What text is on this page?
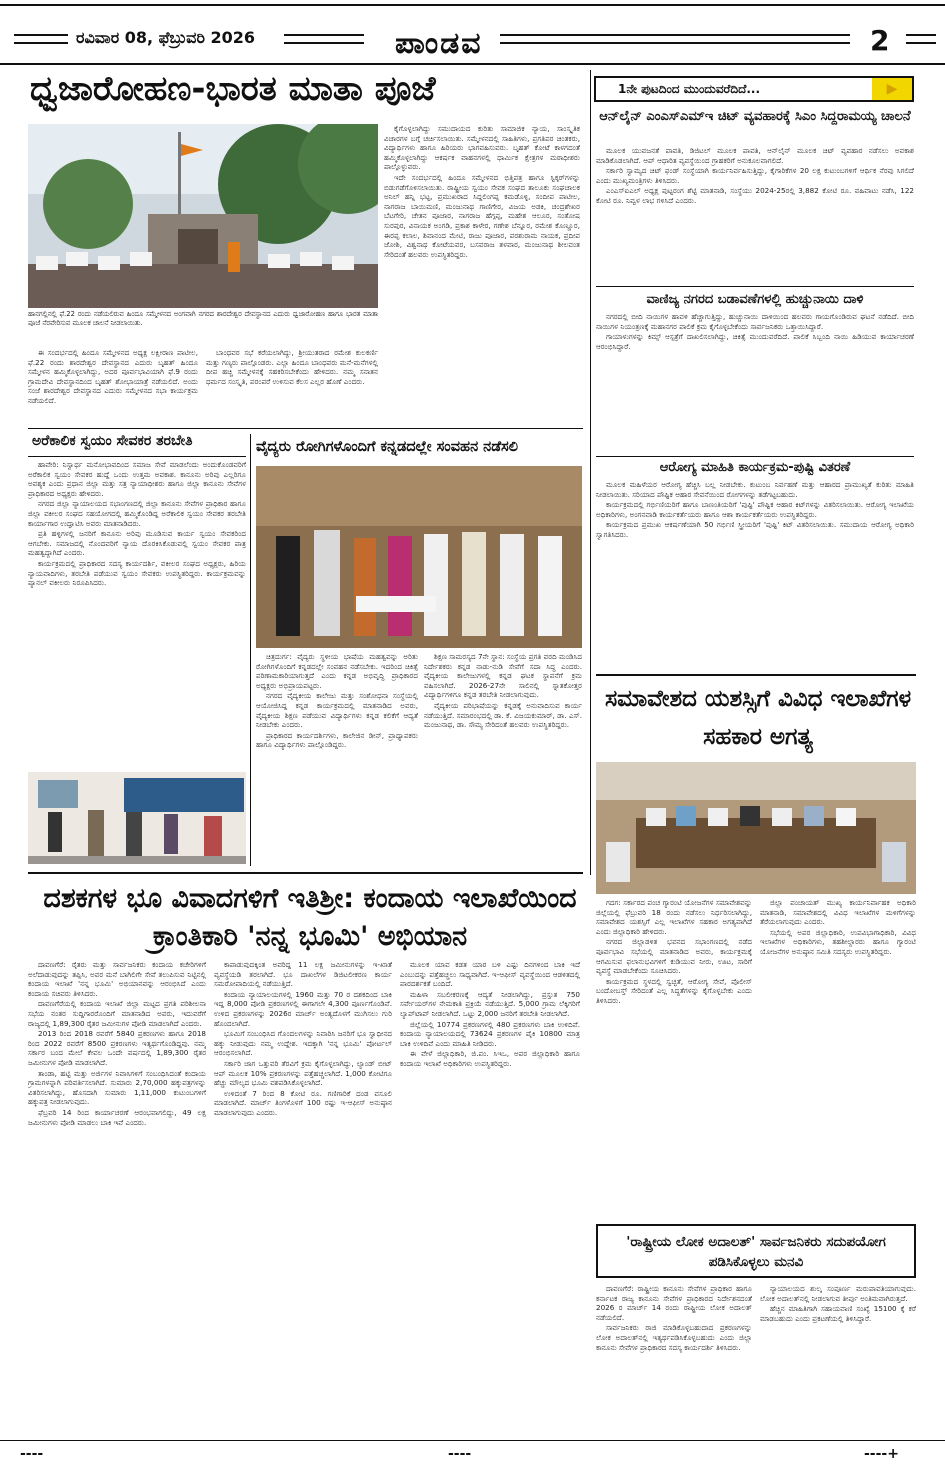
ರವಿವಾರ 08, ಫೆಬ್ರುವರಿ 2026	ಪಾಂಡವ	2
ಧ್ವಜಾರೋಹಣ-ಭಾರತ ಮಾತಾ ಪೂಜೆ
ಹಾನಗಲ್ಲಿನಲ್ಲಿ ಫೆ.22 ರಂದು ನಡೆಯಲಿರುವ ಹಿಂದೂ ಸಮ್ಮೇಳನದ ಅಂಗವಾಗಿ ನಗರದ ಶಾರದೇಶ್ವರ ದೇವಸ್ಥಾನದ ಎದುರು ಧ್ವಜಾರೋಹಣ ಹಾಗೂ ಭಾರತ ಮಾತಾ ಪೂಜೆ ನೆರವೇರಿಸುವ ಮೂಲಕ ಚಾಲನೆ ನೀಡಲಾಯಿತು.

ಈ ಸಂದರ್ಭದಲ್ಲಿ ಹಿಂದೂ ಸಮ್ಮೇಳನದ ಅಧ್ಯಕ್ಷ ಲಕ್ಷೀರಾಣ ಪಾಟೀಲ, ಫೆ.22 ರಂದು ಶಾರದೇಶ್ವರ ದೇವಸ್ಥಾನದ ಎದುರು ಬೃಹತ್ ಹಿಂದೂ ಸಮ್ಮೇಳನ ಹಮ್ಮಿಕೊಳ್ಳಲಾಗಿದ್ದು, ಅದರ ಪೂರ್ವಭಾವಿಯಾಗಿ ಫೆ.9 ರಂದು ಗ್ರಾಮದೇವಿ ದೇವಸ್ಥಾನದಿಂದ ಬೃಹತ್ ಶೋಭಾಯಾತ್ರೆ ನಡೆಯಲಿದೆ. ಅಂದು ಸಂಜೆ ಶಾರದೇಶ್ವರ ದೇವಸ್ಥಾನದ ಎದುರು ಸಮ್ಮೇಳನದ ಸಭಾ ಕಾರ್ಯಕ್ರಮ ನಡೆಯಲಿದೆ.

ಬಾಂಧವರ ಸಭೆ ಕರೆಯಲಾಗಿದ್ದು, ಶ್ರೀಯುತರಾದ ರಮೇಶ ಕುಲಕರ್ಣಿ ಮತ್ತು ಗಣ್ಯರು ಪಾಲ್ಗೊಂಡರು. ಎಲ್ಲಾ ಹಿಂದೂ ಬಾಂಧವರು ಮನೆ-ಮನೆಗಳಲ್ಲಿ ದೀಪ ಹಚ್ಚಿ ಸಮ್ಮೇಳನಕ್ಕೆ ಸಹಕರಿಸಬೇಕೆಂದು ಹೇಳಿದರು. ನಮ್ಮ ಸನಾತನ ಧರ್ಮದ ಸಂಸ್ಕೃತಿ, ಪರಂಪರೆ ಉಳಿಸುವ ಕೆಲಸ ಎಲ್ಲರ ಹೊಣೆ ಎಂದರು.

ಕೈಗೊಳ್ಳಲಾಗಿದ್ದು ಸಮುದಾಯದ ಕುರಿತು ಸಾಮಾಜಿಕ ನ್ಯಾಯ, ಸಾಂಸ್ಕೃತಿಕ ವಿಚಾರಗಳ ಬಗ್ಗೆ ಚರ್ಚಿಸಲಾಯಿತು. ಸಮ್ಮೇಳನದಲ್ಲಿ ಸಾಹಿತಿಗಳು, ಪ್ರಗತಿಪರ ಚಿಂತಕರು, ವಿದ್ಯಾರ್ಥಿಗಳು ಹಾಗೂ ಹಿರಿಯರು ಭಾಗವಹಿಸುವರು. ಬೃಹತ್ ಕೋಟೆ ಕಾಳಗದಂತೆ ಹಮ್ಮಿಕೊಳ್ಳಲಾಗಿದ್ದು ಆಕರ್ಷಕ ವಾಹನಗಳಲ್ಲಿ ಧಾರ್ಮಿಕ ಕ್ಷೇತ್ರಗಳ ಮಠಾಧೀಶರು ಪಾಲ್ಗೊಳ್ಳುವರು.

ಇದೇ ಸಂದರ್ಭದಲ್ಲಿ ಹಿಂದೂ ಸಮ್ಮೇಳನದ ಭಿತ್ತಿಪತ್ರ ಹಾಗೂ ಸ್ಟಿಕ್ಕರ್‌ಗಳನ್ನು ಬಿಡುಗಡೆಗೊಳಿಸಲಾಯಿತು. ರಾಷ್ಟ್ರೀಯ ಸ್ವಯಂ ಸೇವಕ ಸಂಘದ ತಾಲೂಕು ಸಂಘಚಾಲಕ ಅನಿಲ್ ಹನ್ನಿ ಭಟ್ಟ, ಪ್ರಮುಖರಾದ ಸಿದ್ದಲಿಂಗಪ್ಪ ಕಮಡೊಳ್ಳಿ, ಸಂದೀಪ ಪಾಟೀಲ, ನಾಗರಾಜ ಬಾಯಿಮಣಿ, ಮಂಜುನಾಥ ಗಾಣಿಗೇರ, ವಿಜಯ ಅಡಕಿ, ಚಂದ್ರಶೇಖರ ಬೆಟಗೇರಿ, ಚೇತನ ಪೂಜಾರ, ನಾಗರಾಜ ಹೆಗ್ಗಪ್ಪ, ಮಹೇಶ ಆಲೂರ, ಸಂತೋಷ ಸುರಪುರ, ವಿನಾಯಕ ಅಂಗಡಿ, ಪ್ರಕಾಶ ಕಾಳೇರ, ಗಣೇಶ ಬೆನ್ನೂರ, ರಮೇಶ ಕೊಣ್ಣೂರ, ಈರಪ್ಪ ಕಲಾಲ, ಶಿವಾನಂದ ಮೇಟಿ, ರಾಜು ಪೂಜಾರ, ಪರಶುರಾಮ ನಾಯಕ, ಪ್ರದೀಪ ಜೋಶಿ, ವಿಶ್ವನಾಥ ಕೋಟೆಯವರ, ಬಸವರಾಜ ತಳವಾರ, ಮಂಜುನಾಥ ಶೀಲವಂತ ಸೇರಿದಂತೆ ಹಲವರು ಉಪಸ್ಥಿತರಿದ್ದರು.

ಅರೆಕಾಲಿಕ ಸ್ವಯಂ ಸೇವಕರ ತರಬೇತಿ

ಹಾವೇರಿ: ನಿಸ್ವಾರ್ಥ ಮನೋಭಾವದಿಂದ ಸಮಾಜ ಸೇವೆ ಮಾಡಲೆಂದು ಅಂದುಕೊಂಡವರಿಗೆ ಅರೆಕಾಲಿಕ ಸ್ವಯಂ ಸೇವಕರ ಹುದ್ದೆ ಒಂದು ಉತ್ತಮ ಅವಕಾಶ. ಕಾನೂನು ಅರಿವು ಎಲ್ಲರಿಗೂ ಅವಶ್ಯಕ ಎಂದು ಪ್ರಧಾನ ಜಿಲ್ಲಾ ಮತ್ತು ಸತ್ರ ನ್ಯಾಯಾಧೀಶರು ಹಾಗೂ ಜಿಲ್ಲಾ ಕಾನೂನು ಸೇವೆಗಳ ಪ್ರಾಧಿಕಾರದ ಅಧ್ಯಕ್ಷರು ಹೇಳಿದರು.

ನಗರದ ಜಿಲ್ಲಾ ನ್ಯಾಯಾಲಯದ ಸಭಾಂಗಣದಲ್ಲಿ ಜಿಲ್ಲಾ ಕಾನೂನು ಸೇವೆಗಳ ಪ್ರಾಧಿಕಾರ ಹಾಗೂ ಜಿಲ್ಲಾ ವಕೀಲರ ಸಂಘದ ಸಹಯೋಗದಲ್ಲಿ ಹಮ್ಮಿಕೊಂಡಿದ್ದ ಅರೆಕಾಲಿಕ ಸ್ವಯಂ ಸೇವಕರ ತರಬೇತಿ ಕಾರ್ಯಾಗಾರ ಉದ್ಘಾಟಿಸಿ ಅವರು ಮಾತನಾಡಿದರು.

ಪ್ರತಿ ಹಳ್ಳಿಗಳಲ್ಲಿ ಜನರಿಗೆ ಕಾನೂನು ಅರಿವು ಮೂಡಿಸುವ ಕಾರ್ಯ ಸ್ವಯಂ ಸೇವಕರಿಂದ ಆಗಬೇಕು. ಸಮಾಜದಲ್ಲಿ ನೊಂದವರಿಗೆ ನ್ಯಾಯ ದೊರಕಿಸಿಕೊಡುವಲ್ಲಿ ಸ್ವಯಂ ಸೇವಕರ ಪಾತ್ರ ಮಹತ್ವದ್ದಾಗಿದೆ ಎಂದರು.

ಕಾರ್ಯಕ್ರಮದಲ್ಲಿ ಪ್ರಾಧಿಕಾರದ ಸದಸ್ಯ ಕಾರ್ಯದರ್ಶಿ, ವಕೀಲರ ಸಂಘದ ಅಧ್ಯಕ್ಷರು, ಹಿರಿಯ ನ್ಯಾಯವಾದಿಗಳು, ತರಬೇತಿ ಪಡೆಯುವ ಸ್ವಯಂ ಸೇವಕರು ಉಪಸ್ಥಿತರಿದ್ದರು. ಕಾರ್ಯಕ್ರಮವನ್ನು ಪ್ಯಾನಲ್ ವಕೀಲರು ನಿರೂಪಿಸಿದರು.

ವೈದ್ಯರು ರೋಗಿಗಳೊಂದಿಗೆ ಕನ್ನಡದಲ್ಲೇ ಸಂವಹನ ನಡೆಸಲಿ

ಚಿತ್ರದುರ್ಗ: ವೈದ್ಯರು ಸ್ಥಳೀಯ ಭಾಷೆಯ ಮಹತ್ವವನ್ನು ಅರಿತು ರೋಗಿಗಳೊಂದಿಗೆ ಕನ್ನಡದಲ್ಲೇ ಸಂವಹನ ನಡೆಸಬೇಕು. ಇದರಿಂದ ಚಿಕಿತ್ಸೆ ಪರಿಣಾಮಕಾರಿಯಾಗುತ್ತದೆ ಎಂದು ಕನ್ನಡ ಅಭಿವೃದ್ಧಿ ಪ್ರಾಧಿಕಾರದ ಅಧ್ಯಕ್ಷರು ಅಭಿಪ್ರಾಯಪಟ್ಟರು.

ನಗರದ ವೈದ್ಯಕೀಯ ಕಾಲೇಜು ಮತ್ತು ಸಂಶೋಧನಾ ಸಂಸ್ಥೆಯಲ್ಲಿ ಆಯೋಜಿಸಿದ್ದ ಕನ್ನಡ ಕಾರ್ಯಕ್ರಮದಲ್ಲಿ ಮಾತನಾಡಿದ ಅವರು, ವೈದ್ಯಕೀಯ ಶಿಕ್ಷಣ ಪಡೆಯುವ ವಿದ್ಯಾರ್ಥಿಗಳು ಕನ್ನಡ ಕಲಿಕೆಗೆ ಆದ್ಯತೆ ನೀಡಬೇಕು ಎಂದರು.

ಪ್ರಾಧಿಕಾರದ ಕಾರ್ಯದರ್ಶಿಗಳು, ಕಾಲೇಜಿನ ಡೀನ್, ಪ್ರಾಧ್ಯಾಪಕರು ಹಾಗೂ ವಿದ್ಯಾರ್ಥಿಗಳು ಪಾಲ್ಗೊಂಡಿದ್ದರು.

ಶಿಕ್ಷಣ ಸಾಮರಸ್ಯದ 7ನೇ ಸ್ಥಾನ: ಸಂಸ್ಥೆಯ ಪ್ರಗತಿ ವರದಿ ಮಂಡಿಸಿದ ನಿರ್ದೇಶಕರು ಕನ್ನಡ ನಾಡು-ನುಡಿ ಸೇವೆಗೆ ಸದಾ ಸಿದ್ಧ ಎಂದರು. ವೈದ್ಯಕೀಯ ಕಾಲೇಜುಗಳಲ್ಲಿ ಕನ್ನಡ ಘಟಕ ಸ್ಥಾಪನೆಗೆ ಕ್ರಮ ವಹಿಸಲಾಗಿದೆ. 2026-27ನೇ ಸಾಲಿನಲ್ಲಿ ಸ್ನಾತಕೋತ್ತರ ವಿದ್ಯಾರ್ಥಿಗಳಿಗೂ ಕನ್ನಡ ತರಬೇತಿ ನೀಡಲಾಗುವುದು.

ವೈದ್ಯಕೀಯ ಪರಿಭಾಷೆಯನ್ನು ಕನ್ನಡಕ್ಕೆ ಅನುವಾದಿಸುವ ಕಾರ್ಯ ನಡೆಯುತ್ತಿದೆ. ಸಮಾರಂಭದಲ್ಲಿ ಡಾ. ಕೆ. ವಿಜಯಕುಮಾರ್, ಡಾ. ಎಸ್. ಮಂಜುನಾಥ, ಡಾ. ಸೌಮ್ಯ ಸೇರಿದಂತೆ ಹಲವರು ಉಪಸ್ಥಿತರಿದ್ದರು.

ದಶಕಗಳ ಭೂ ವಿವಾದಗಳಿಗೆ ಇತಿಶ್ರೀ: ಕಂದಾಯ ಇಲಾಖೆಯಿಂದ ಕ್ರಾಂತಿಕಾರಿ 'ನನ್ನ ಭೂಮಿ' ಅಭಿಯಾನ

ದಾವಣಗೆರೆ: ರೈತರು ಮತ್ತು ಸಾರ್ವಜನಿಕರು ಕಂದಾಯ ಕಚೇರಿಗಳಿಗೆ ಅಲೆದಾಡುವುದನ್ನು ತಪ್ಪಿಸಿ, ಅವರ ಮನೆ ಬಾಗಿಲಿಗೇ ಸೇವೆ ತಲುಪಿಸುವ ನಿಟ್ಟಿನಲ್ಲಿ ಕಂದಾಯ ಇಲಾಖೆ 'ನನ್ನ ಭೂಮಿ' ಅಭಿಯಾನವನ್ನು ಆರಂಭಿಸಿದೆ ಎಂದು ಕಂದಾಯ ಸಚಿವರು ತಿಳಿಸಿದರು.

ದಾವಣಗೆರೆಯಲ್ಲಿ ಕಂದಾಯ ಇಲಾಖೆ ಜಿಲ್ಲಾ ಮಟ್ಟದ ಪ್ರಗತಿ ಪರಿಶೀಲನಾ ಸಭೆಯ ನಂತರ ಸುದ್ದಿಗಾರರೊಂದಿಗೆ ಮಾತನಾಡಿದ ಅವರು, ಇದುವರೆಗೆ ರಾಜ್ಯದಲ್ಲಿ 1,89,300 ರೈತರ ಜಮೀನುಗಳ ಪೋಡಿ ಮಾಡಲಾಗಿದೆ ಎಂದರು.

2013 ರಿಂದ 2018 ರವರೆಗೆ 5840 ಪ್ರಕರಣಗಳು ಹಾಗೂ 2018 ರಿಂದ 2022 ರವರೆಗೆ 8500 ಪ್ರಕರಣಗಳು ಇತ್ಯರ್ಥಗೊಂಡಿದ್ದವು. ನಮ್ಮ ಸರ್ಕಾರ ಬಂದ ಮೇಲೆ ಕೇವಲ ಒಂದೇ ವರ್ಷದಲ್ಲಿ 1,89,300 ರೈತರ ಜಮೀನುಗಳ ಪೋಡಿ ಮಾಡಲಾಗಿದೆ.

ತಾಂಡಾ, ಹಟ್ಟಿ ಮತ್ತು ಅರ್ಜಿಗಳ ನಿವಾಸಿಗಳಿಗೆ ಸಂಬಂಧಿಸಿದಂತೆ ಕಂದಾಯ ಗ್ರಾಮಗಳನ್ನಾಗಿ ಪರಿವರ್ತಿಸಲಾಗಿದೆ. ಸುಮಾರು 2,70,000 ಹಕ್ಕುಪತ್ರಗಳನ್ನು ವಿತರಿಸಲಾಗಿದ್ದು, ಹೊಸದಾಗಿ ಸುಮಾರು 1,11,000 ಕುಟುಂಬಗಳಿಗೆ ಹಕ್ಕುಪತ್ರ ನೀಡಲಾಗುವುದು.

ಫೆಬ್ರವರಿ 14 ರಿಂದ ಕಾರ್ಯಾಚರಣೆ ಆರಂಭವಾಗಲಿದ್ದು, 49 ಲಕ್ಷ ಜಮೀನುಗಳು ಪೋಡಿ ಮಾಡಲು ಬಾಕಿ ಇವೆ ಎಂದರು.

ಕಾಪಾಡುವುದಕ್ಕಿಂತ ಅವರಿದ್ದ 11 ಲಕ್ಷ ಜಮೀನುಗಳನ್ನು ಇ-ಖಾತೆ ವ್ಯವಸ್ಥೆಯಡಿ ತರಲಾಗಿದೆ. ಭೂ ದಾಖಲೆಗಳ ಡಿಜಿಟಲೀಕರಣ ಕಾರ್ಯ ಸಮರೋಪಾದಿಯಲ್ಲಿ ನಡೆಯುತ್ತಿದೆ.

ಕಂದಾಯ ನ್ಯಾಯಾಲಯಗಳಲ್ಲಿ 1960 ಮತ್ತು 70 ರ ದಶಕದಿಂದ ಬಾಕಿ ಇದ್ದ 8,000 ಪೋಡಿ ಪ್ರಕರಣಗಳಲ್ಲಿ ಈಗಾಗಲೇ 4,300 ಪೂರ್ಣಗೊಂಡಿವೆ. ಉಳಿದ ಪ್ರಕರಣಗಳನ್ನು 2026ರ ಮಾರ್ಚ್ ಅಂತ್ಯದೊಳಗೆ ಮುಗಿಸಲು ಗುರಿ ಹೊಂದಲಾಗಿದೆ.

ಭೂಮಿಗೆ ಸಂಬಂಧಿಸಿದ ಗೊಂದಲಗಳನ್ನು ನಿವಾರಿಸಿ ಜನರಿಗೆ ಭೂ ಸ್ವಾಧೀನದ ಹಕ್ಕು ನೀಡುವುದು ನಮ್ಮ ಉದ್ದೇಶ. ಇದಕ್ಕಾಗಿ 'ನನ್ನ ಭೂಮಿ' ಪೋರ್ಟಲ್ ಆರಂಭಿಸಲಾಗಿದೆ.

ಸರ್ಕಾರಿ ಜಾಗ ಒತ್ತುವರಿ ತೆರವಿಗೆ ಕ್ರಮ ಕೈಗೊಳ್ಳಲಾಗಿದ್ದು, ಲ್ಯಾಂಡ್ ಬೀಟ್ ಆಪ್ ಮೂಲಕ 10% ಪ್ರಕರಣಗಳನ್ನು ಪತ್ತೆಹಚ್ಚಲಾಗಿದೆ. 1,000 ಕೋಟಿಗೂ ಹೆಚ್ಚು ಮೌಲ್ಯದ ಭೂಮಿ ವಶಪಡಿಸಿಕೊಳ್ಳಲಾಗಿದೆ.

ಉಳಿದಂತೆ 7 ರಿಂದ 8 ಕೋಟಿ ರೂ. ಗಣಿಗಾರಿಕೆ ದಂಡ ವಸೂಲಿ ಮಾಡಲಾಗಿದೆ. ಮಾರ್ಚ್ ತಿಂಗಳೊಳಗೆ 100 ರಷ್ಟು ಇ-ಆಫೀಸ್ ಅನುಷ್ಠಾನ ಮಾಡಲಾಗುವುದು ಎಂದರು.

ಮೂಲಕ ಯಾವ ಕಡತ ಯಾರ ಬಳಿ ಎಷ್ಟು ದಿನಗಳಿಂದ ಬಾಕಿ ಇದೆ ಎಂಬುದನ್ನು ಪತ್ತೆಹಚ್ಚಲು ಸಾಧ್ಯವಾಗಿದೆ. ಇ-ಆಫೀಸ್ ವ್ಯವಸ್ಥೆಯಿಂದ ಆಡಳಿತದಲ್ಲಿ ಪಾರದರ್ಶಕತೆ ಬಂದಿದೆ.

ಮಹಿಳಾ ಸಬಲೀಕರಣಕ್ಕೆ ಆದ್ಯತೆ ನೀಡಲಾಗಿದ್ದು, ಪ್ರಸ್ತುತ 750 ಸರ್ವೇಯರ್‌ಗಳ ನೇಮಕಾತಿ ಪ್ರಕ್ರಿಯೆ ನಡೆಯುತ್ತಿದೆ. 5,000 ಗ್ರಾಮ ಲೆಕ್ಕಿಗರಿಗೆ ಲ್ಯಾಪ್‌ಟಾಪ್ ನೀಡಲಾಗಿದೆ. ಒಟ್ಟು 2,000 ಜನರಿಗೆ ತರಬೇತಿ ನೀಡಲಾಗಿದೆ.

ಜಿಲ್ಲೆಯಲ್ಲಿ 10774 ಪ್ರಕರಣಗಳಲ್ಲಿ 480 ಪ್ರಕರಣಗಳು ಬಾಕಿ ಉಳಿದಿವೆ. ಕಂದಾಯ ನ್ಯಾಯಾಲಯದಲ್ಲಿ 73624 ಪ್ರಕರಣಗಳ ಪೈಕಿ 10800 ಮಾತ್ರ ಬಾಕಿ ಉಳಿದಿವೆ ಎಂದು ಮಾಹಿತಿ ನೀಡಿದರು.

ಈ ವೇಳೆ ಜಿಲ್ಲಾಧಿಕಾರಿ, ಜಿ.ಪಂ. ಸಿಇಒ, ಅಪರ ಜಿಲ್ಲಾಧಿಕಾರಿ ಹಾಗೂ ಕಂದಾಯ ಇಲಾಖೆ ಅಧಿಕಾರಿಗಳು ಉಪಸ್ಥಿತರಿದ್ದರು.

1ನೇ ಪುಟದಿಂದ ಮುಂದುವರೆದಿದೆ...	▶
ಆನ್‌ಲೈನ್ ಎಂಎಸ್‌ಎಮ್‌ಇ ಚಿಟ್ ವ್ಯವಹಾರಕ್ಕೆ ಸಿಎಂ ಸಿದ್ದರಾಮಯ್ಯ ಚಾಲನೆ

ಮೂಲಕ ಯುವಜನತೆ ಪಾವತಿ, ಡಿಜಿಟಲ್ ಮೂಲಕ ಪಾವತಿ, ಆನ್‌ಲೈನ್ ಮೂಲಕ ಚಿಟ್ ವ್ಯವಹಾರ ನಡೆಸಲು ಅವಕಾಶ ಮಾಡಿಕೊಡಲಾಗಿದೆ. ಆಪ್ ಆಧಾರಿತ ವ್ಯವಸ್ಥೆಯಿಂದ ಗ್ರಾಹಕರಿಗೆ ಅನುಕೂಲವಾಗಲಿದೆ.

ಸರ್ಕಾರಿ ಸ್ವಾಮ್ಯದ ಚಿಟ್ ಫಂಡ್ ಸಂಸ್ಥೆಯಾಗಿ ಕಾರ್ಯನಿರ್ವಹಿಸುತ್ತಿದ್ದು, ಕೈಗಾರಿಕೆಗಳ 20 ಲಕ್ಷ ಕುಟುಂಬಗಳಿಗೆ ಆರ್ಥಿಕ ನೆರವು ಸಿಗಲಿದೆ ಎಂದು ಮುಖ್ಯಮಂತ್ರಿಗಳು ತಿಳಿಸಿದರು.

ಎಂಎಸ್‌ಐಎಲ್ ಅಧ್ಯಕ್ಷ ಪುಟ್ಟರಂಗ ಶೆಟ್ಟಿ ಮಾತನಾಡಿ, ಸಂಸ್ಥೆಯು 2024-25ರಲ್ಲಿ 3,882 ಕೋಟಿ ರೂ. ವಹಿವಾಟು ನಡೆಸಿ, 122 ಕೋಟಿ ರೂ. ನಿವ್ವಳ ಲಾಭ ಗಳಿಸಿದೆ ಎಂದರು.

ವಾಣಿಜ್ಯ ನಗರದ ಬಡಾವಣೆಗಳಲ್ಲಿ ಹುಚ್ಚುನಾಯಿ ದಾಳಿ

ನಗರದಲ್ಲಿ ಬೀದಿ ನಾಯಿಗಳ ಹಾವಳಿ ಹೆಚ್ಚಾಗುತ್ತಿದ್ದು, ಹುಚ್ಚುನಾಯಿ ದಾಳಿಯಿಂದ ಹಲವರು ಗಾಯಗೊಂಡಿರುವ ಘಟನೆ ನಡೆದಿದೆ. ಬೀದಿ ನಾಯಿಗಳ ನಿಯಂತ್ರಣಕ್ಕೆ ಮಹಾನಗರ ಪಾಲಿಕೆ ಕ್ರಮ ಕೈಗೊಳ್ಳಬೇಕೆಂದು ಸಾರ್ವಜನಿಕರು ಒತ್ತಾಯಿಸಿದ್ದಾರೆ.

ಗಾಯಾಳುಗಳನ್ನು ಕಿಮ್ಸ್ ಆಸ್ಪತ್ರೆಗೆ ದಾಖಲಿಸಲಾಗಿದ್ದು, ಚಿಕಿತ್ಸೆ ಮುಂದುವರೆದಿದೆ. ಪಾಲಿಕೆ ಸಿಬ್ಬಂದಿ ನಾಯಿ ಹಿಡಿಯುವ ಕಾರ್ಯಾಚರಣೆ ಆರಂಭಿಸಿದ್ದಾರೆ.

ಆರೋಗ್ಯ ಮಾಹಿತಿ ಕಾರ್ಯಕ್ರಮ-ಪುಷ್ಟಿ ವಿತರಣೆ

ಮೂಲಕ ಮಹಿಳೆಯರ ಆರೋಗ್ಯ ಹೆಚ್ಚಿಸಿ ಬಲ್ಲ ನೀಡಬೇಕು. ಕುಟುಂಬ ನಿರ್ವಹಣೆ ಮತ್ತು ಆಹಾರದ ಪ್ರಾಮುಖ್ಯತೆ ಕುರಿತು ಮಾಹಿತಿ ನೀಡಲಾಯಿತು. ಸರಿಯಾದ ಪೌಷ್ಟಿಕ ಆಹಾರ ಸೇವನೆಯಿಂದ ರೋಗಗಳನ್ನು ತಡೆಗಟ್ಟಬಹುದು.

ಕಾರ್ಯಕ್ರಮದಲ್ಲಿ ಗರ್ಭಿಣಿಯರಿಗೆ ಹಾಗೂ ಬಾಣಂತಿಯರಿಗೆ 'ಪುಷ್ಟಿ' ಪೌಷ್ಟಿಕ ಆಹಾರ ಕಿಟ್‌ಗಳನ್ನು ವಿತರಿಸಲಾಯಿತು. ಆರೋಗ್ಯ ಇಲಾಖೆಯ ಅಧಿಕಾರಿಗಳು, ಅಂಗನವಾಡಿ ಕಾರ್ಯಕರ್ತೆಯರು ಹಾಗೂ ಆಶಾ ಕಾರ್ಯಕರ್ತೆಯರು ಉಪಸ್ಥಿತರಿದ್ದರು.

ಕಾರ್ಯಕ್ರಮದ ಪ್ರಮುಖ ಆಕರ್ಷಣೆಯಾಗಿ 50 ಗರ್ಭಿಣಿ ಸ್ತ್ರೀಯರಿಗೆ 'ಪುಷ್ಟಿ' ಕಿಟ್ ವಿತರಿಸಲಾಯಿತು. ಸಮುದಾಯ ಆರೋಗ್ಯ ಅಧಿಕಾರಿ ಸ್ವಾಗತಿಸಿದರು.

ಸಮಾವೇಶದ ಯಶಸ್ಸಿಗೆ ವಿವಿಧ ಇಲಾಖೆಗಳ ಸಹಕಾರ ಅಗತ್ಯ

ಗದಗ: ಸರ್ಕಾರದ ಪಂಚ ಗ್ಯಾರಂಟಿ ಯೋಜನೆಗಳ ಸಮಾವೇಶವನ್ನು ಜಿಲ್ಲೆಯಲ್ಲಿ ಫೆಬ್ರುವರಿ 18 ರಂದು ನಡೆಸಲು ನಿರ್ಧರಿಸಲಾಗಿದ್ದು, ಸಮಾವೇಶದ ಯಶಸ್ಸಿಗೆ ಎಲ್ಲ ಇಲಾಖೆಗಳ ಸಹಕಾರ ಅಗತ್ಯವಾಗಿದೆ ಎಂದು ಜಿಲ್ಲಾಧಿಕಾರಿ ಹೇಳಿದರು.

ನಗರದ ಜಿಲ್ಲಾಡಳಿತ ಭವನದ ಸಭಾಂಗಣದಲ್ಲಿ ನಡೆದ ಪೂರ್ವಭಾವಿ ಸಭೆಯಲ್ಲಿ ಮಾತನಾಡಿದ ಅವರು, ಕಾರ್ಯಕ್ರಮಕ್ಕೆ ಆಗಮಿಸುವ ಫಲಾನುಭವಿಗಳಿಗೆ ಕುಡಿಯುವ ನೀರು, ಊಟ, ಸಾರಿಗೆ ವ್ಯವಸ್ಥೆ ಮಾಡಬೇಕೆಂದು ಸೂಚಿಸಿದರು.

ಕಾರ್ಯಕ್ರಮದ ಸ್ಥಳದಲ್ಲಿ ಸ್ವಚ್ಛತೆ, ಆರೋಗ್ಯ ಸೇವೆ, ಪೊಲೀಸ್ ಬಂದೋಬಸ್ತ್ ಸೇರಿದಂತೆ ಎಲ್ಲ ಸಿದ್ಧತೆಗಳನ್ನು ಕೈಗೊಳ್ಳಬೇಕು ಎಂದು ತಿಳಿಸಿದರು.

ಜಿಲ್ಲಾ ಪಂಚಾಯತ್ ಮುಖ್ಯ ಕಾರ್ಯನಿರ್ವಾಹಕ ಅಧಿಕಾರಿ ಮಾತನಾಡಿ, ಸಮಾವೇಶದಲ್ಲಿ ವಿವಿಧ ಇಲಾಖೆಗಳ ಮಳಿಗೆಗಳನ್ನು ತೆರೆಯಲಾಗುವುದು ಎಂದರು.

ಸಭೆಯಲ್ಲಿ ಅಪರ ಜಿಲ್ಲಾಧಿಕಾರಿ, ಉಪವಿಭಾಗಾಧಿಕಾರಿ, ವಿವಿಧ ಇಲಾಖೆಗಳ ಅಧಿಕಾರಿಗಳು, ತಹಶೀಲ್ದಾರರು ಹಾಗೂ ಗ್ಯಾರಂಟಿ ಯೋಜನೆಗಳ ಅನುಷ್ಠಾನ ಸಮಿತಿ ಸದಸ್ಯರು ಉಪಸ್ಥಿತರಿದ್ದರು.

'ರಾಷ್ಟ್ರೀಯ ಲೋಕ ಅದಾಲತ್' ಸಾರ್ವಜನಿಕರು ಸದುಪಯೋಗ ಪಡಿಸಿಕೊಳ್ಳಲು ಮನವಿ

ದಾವಣಗೆರೆ: ರಾಷ್ಟ್ರೀಯ ಕಾನೂನು ಸೇವೆಗಳ ಪ್ರಾಧಿಕಾರ ಹಾಗೂ ಕರ್ನಾಟಕ ರಾಜ್ಯ ಕಾನೂನು ಸೇವೆಗಳ ಪ್ರಾಧಿಕಾರದ ನಿರ್ದೇಶನದಂತೆ 2026 ರ ಮಾರ್ಚ್ 14 ರಂದು ರಾಷ್ಟ್ರೀಯ ಲೋಕ ಅದಾಲತ್ ನಡೆಯಲಿದೆ.

ಸಾರ್ವಜನಿಕರು ರಾಜಿ ಮಾಡಿಕೊಳ್ಳಬಹುದಾದ ಪ್ರಕರಣಗಳನ್ನು ಲೋಕ ಅದಾಲತ್‌ನಲ್ಲಿ ಇತ್ಯರ್ಥಪಡಿಸಿಕೊಳ್ಳಬಹುದು ಎಂದು ಜಿಲ್ಲಾ ಕಾನೂನು ಸೇವೆಗಳ ಪ್ರಾಧಿಕಾರದ ಸದಸ್ಯ ಕಾರ್ಯದರ್ಶಿ ತಿಳಿಸಿದರು.

ನ್ಯಾಯಾಲಯದ ಶುಲ್ಕ ಸಂಪೂರ್ಣ ಮರುಪಾವತಿಯಾಗುವುದು. ಲೋಕ ಅದಾಲತ್‌ನಲ್ಲಿ ನೀಡಲಾಗುವ ತೀರ್ಪು ಅಂತಿಮವಾಗಿರುತ್ತದೆ.

ಹೆಚ್ಚಿನ ಮಾಹಿತಿಗಾಗಿ ಸಹಾಯವಾಣಿ ಸಂಖ್ಯೆ 15100 ಕ್ಕೆ ಕರೆ ಮಾಡಬಹುದು ಎಂದು ಪ್ರಕಟಣೆಯಲ್ಲಿ ತಿಳಿಸಿದ್ದಾರೆ.

----	----	----+
